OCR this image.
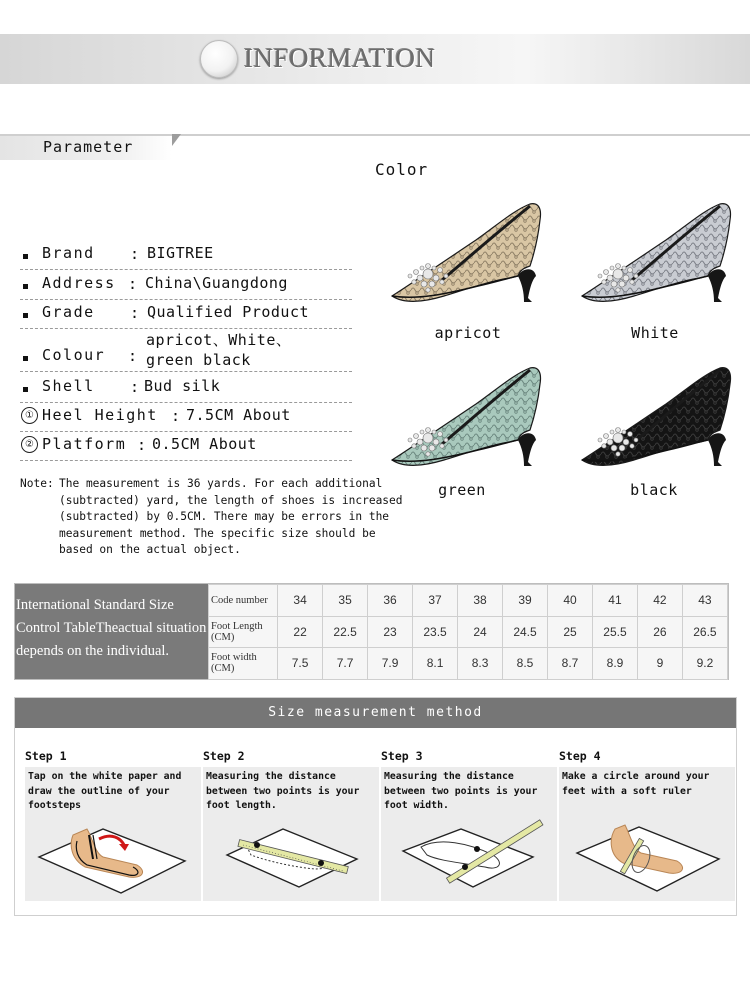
INFORMATION
Parameter
Color
Brand : BIGTREE
Address : China\Guangdong
Grade : Qualified Product
Colour :
apricot、White、green black
Shell : Bud silk
① Heel Height : 7.5CM About
② Platform : 0.5CM About
Note: The measurement is 36 yards. For each additional
(subtracted) yard, the length of shoes is increased
(subtracted) by 0.5CM. There may be errors in the
measurement method. The specific size should be
based on the actual object.
apricot	White
green	black
International Standard Size
Control TableTheactual situation
depends on the individual.
Code number	34	35	36	37	38	39	40	41	42	43
Foot Length (CM)	22	22.5	23	23.5	24	24.5	25	25.5	26	26.5
Foot width (CM)	7.5	7.7	7.9	8.1	8.3	8.5	8.7	8.9	9	9.2
Size measurement method
Step 1
Tap on the white paper and draw the outline of your footsteps
Step 2
Measuring the distance between two points is your foot length.
Step 3
Measuring the distance between two points is your foot width.
Step 4
Make a circle around your feet with a soft ruler
